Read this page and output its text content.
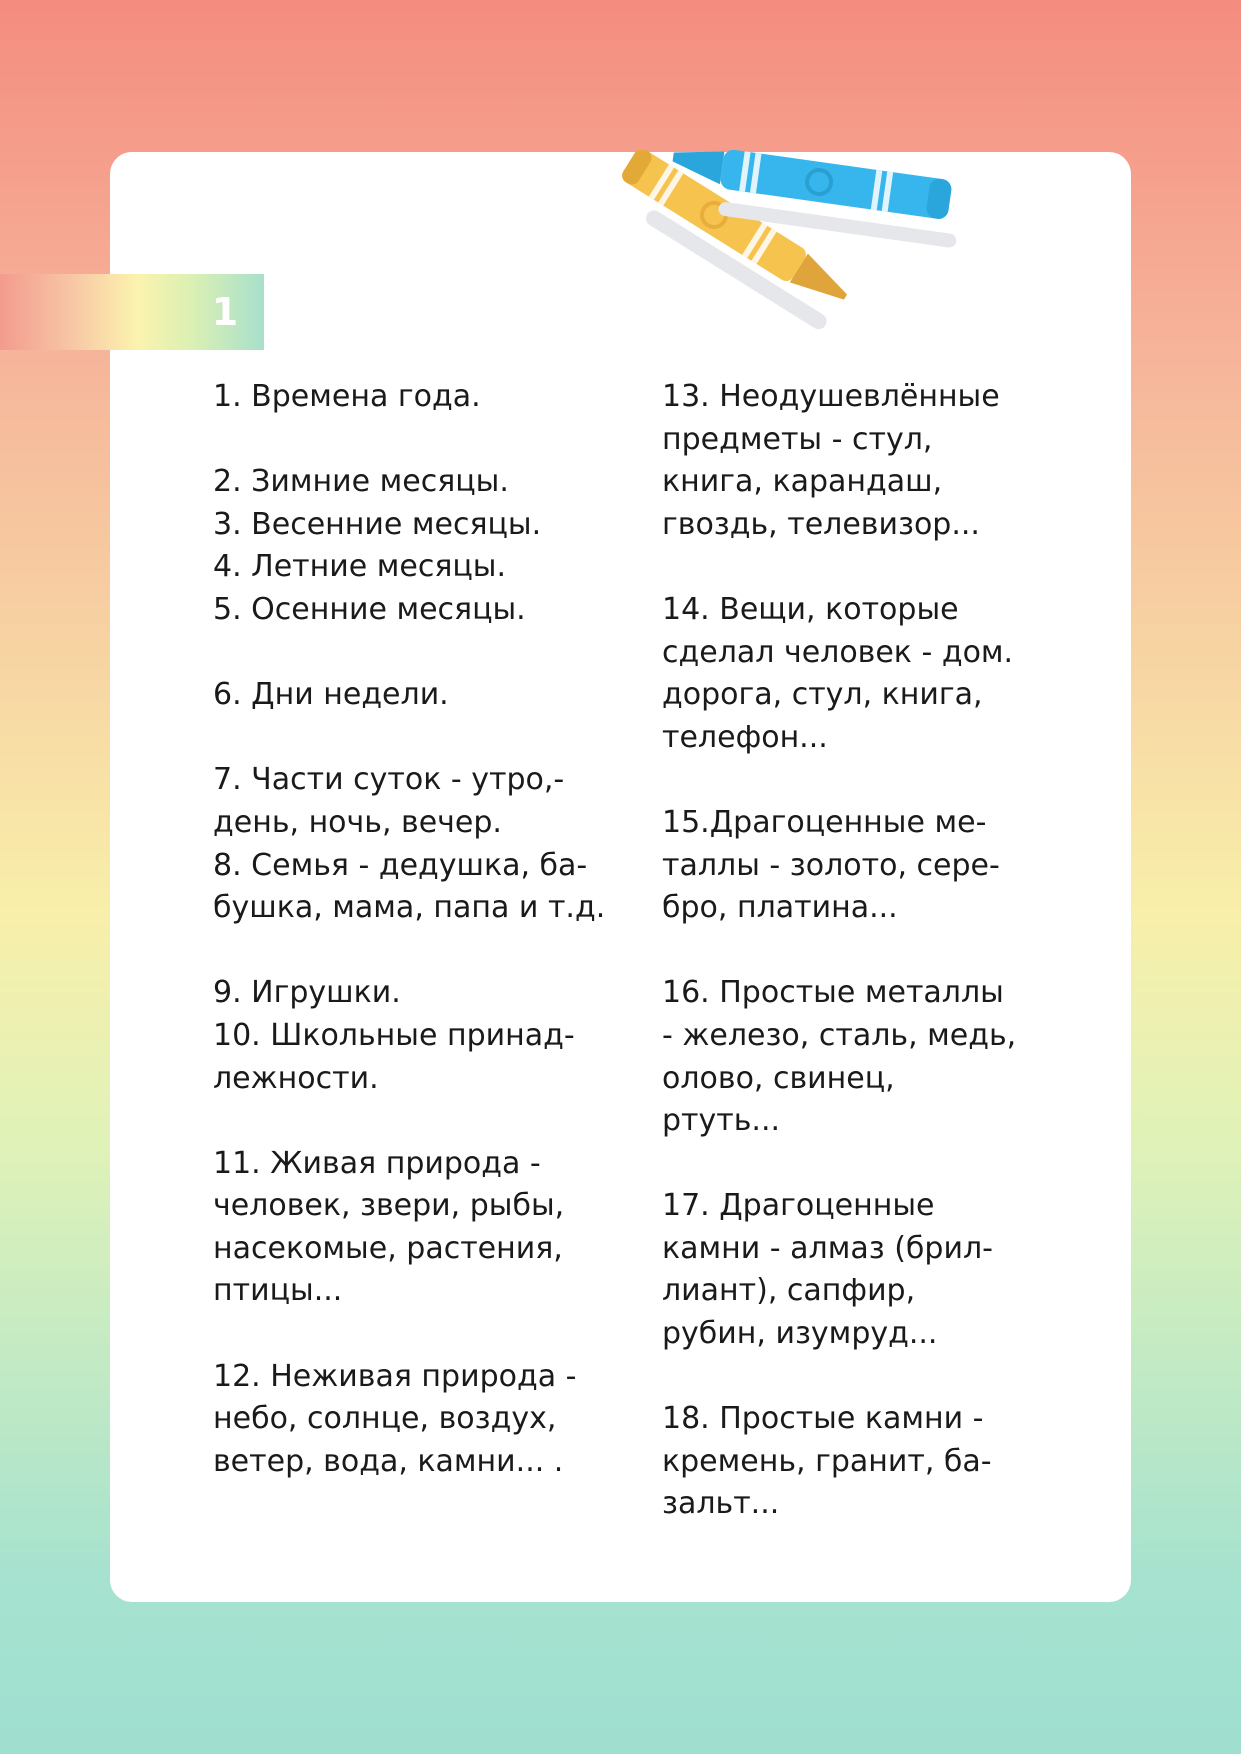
1
1. Времена года.
2. Зимние месяцы.
3. Весенние месяцы.
4. Летние месяцы.
5. Осенние месяцы.
6. Дни недели.
7. Части суток - утро,-
день, ночь, вечер.
8. Семья - дедушка, ба-
бушка, мама, папа и т.д.
9. Игрушки.
10. Школьные принад-
лежности.
11. Живая природа -
человек, звери, рыбы,
насекомые, растения,
птицы...
12. Неживая природа -
небо, солнце, воздух,
ветер, вода, камни... .
13. Неодушевлённые
предметы - стул,
книга, карандаш,
гвоздь, телевизор...
14. Вещи, которые
сделал человек - дом.
дорога, стул, книга,
телефон...
15.Драгоценные ме-
таллы - золото, сере-
бро, платина...
16. Простые металлы
- железо, сталь, медь,
олово, свинец,
ртуть...
17. Драгоценные
камни - алмаз (брил-
лиант), сапфир,
рубин, изумруд...
18. Простые камни -
кремень, гранит, ба-
зальт...
